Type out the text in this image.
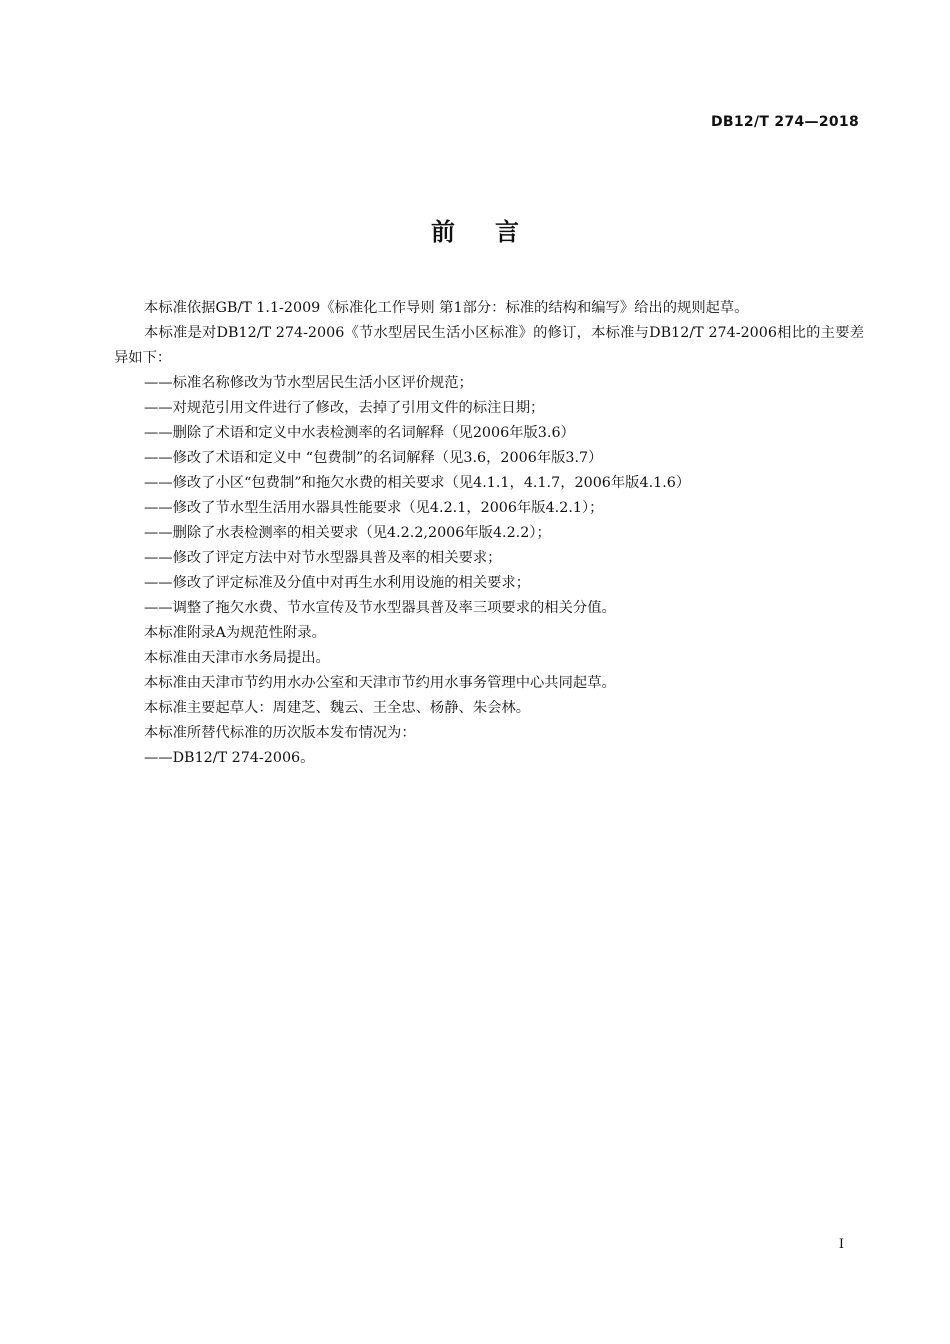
DB12/T 274—2018
前言

本标准依据GB/T 1.1-2009《标准化工作导则 第1部分：标准的结构和编写》给出的规则起草。

本标准是对DB12/T 274-2006《节水型居民生活小区标准》的修订，本标准与DB12/T 274-2006相比的主要差异如下：

——标准名称修改为节水型居民生活小区评价规范；
——对规范引用文件进行了修改，去掉了引用文件的标注日期；
——删除了术语和定义中水表检测率的名词解释（见2006年版3.6）
——修改了术语和定义中 “包费制”的名词解释（见3.6，2006年版3.7）
——修改了小区“包费制”和拖欠水费的相关要求（见4.1.1，4.1.7，2006年版4.1.6）
——修改了节水型生活用水器具性能要求（见4.2.1，2006年版4.2.1）；
——删除了水表检测率的相关要求（见4.2.2,2006年版4.2.2）；
——修改了评定方法中对节水型器具普及率的相关要求；
——修改了评定标准及分值中对再生水利用设施的相关要求；
——调整了拖欠水费、节水宣传及节水型器具普及率三项要求的相关分值。

本标准附录A为规范性附录。

本标准由天津市水务局提出。

本标准由天津市节约用水办公室和天津市节约用水事务管理中心共同起草。

本标准主要起草人：周建芝、魏云、王全忠、杨静、朱会林。

本标准所替代标准的历次版本发布情况为：

——DB12/T 274-2006。

I
